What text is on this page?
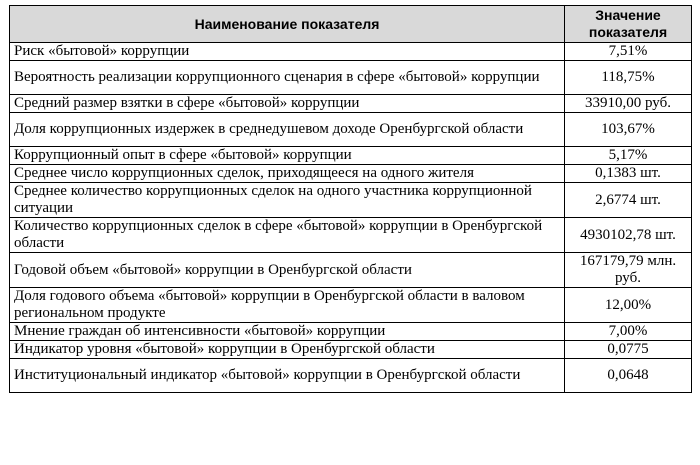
Наименование показателя	Значение показателя
Риск «бытовой» коррупции	7,51%
Вероятность реализации коррупционного сценария в сфере «бытовой» коррупции	118,75%
Средний размер взятки в сфере «бытовой» коррупции	33910,00 руб.
Доля коррупционных издержек в среднедушевом доходе Оренбургской области	103,67%
Коррупционный опыт в сфере «бытовой» коррупции	5,17%
Среднее число коррупционных сделок, приходящееся на одного жителя	0,1383 шт.
Среднее количество коррупционных сделок на одного участника коррупционной ситуации	2,6774 шт.
Количество коррупционных сделок в сфере «бытовой» коррупции в Оренбургской области	4930102,78 шт.
Годовой объем «бытовой» коррупции в Оренбургской области	167179,79 млн. руб.
Доля годового объема «бытовой» коррупции в Оренбургской области в валовом региональном продукте	12,00%
Мнение граждан об интенсивности «бытовой» коррупции	7,00%
Индикатор уровня «бытовой» коррупции в Оренбургской области	0,0775
Институциональный индикатор «бытовой» коррупции в Оренбургской области	0,0648
